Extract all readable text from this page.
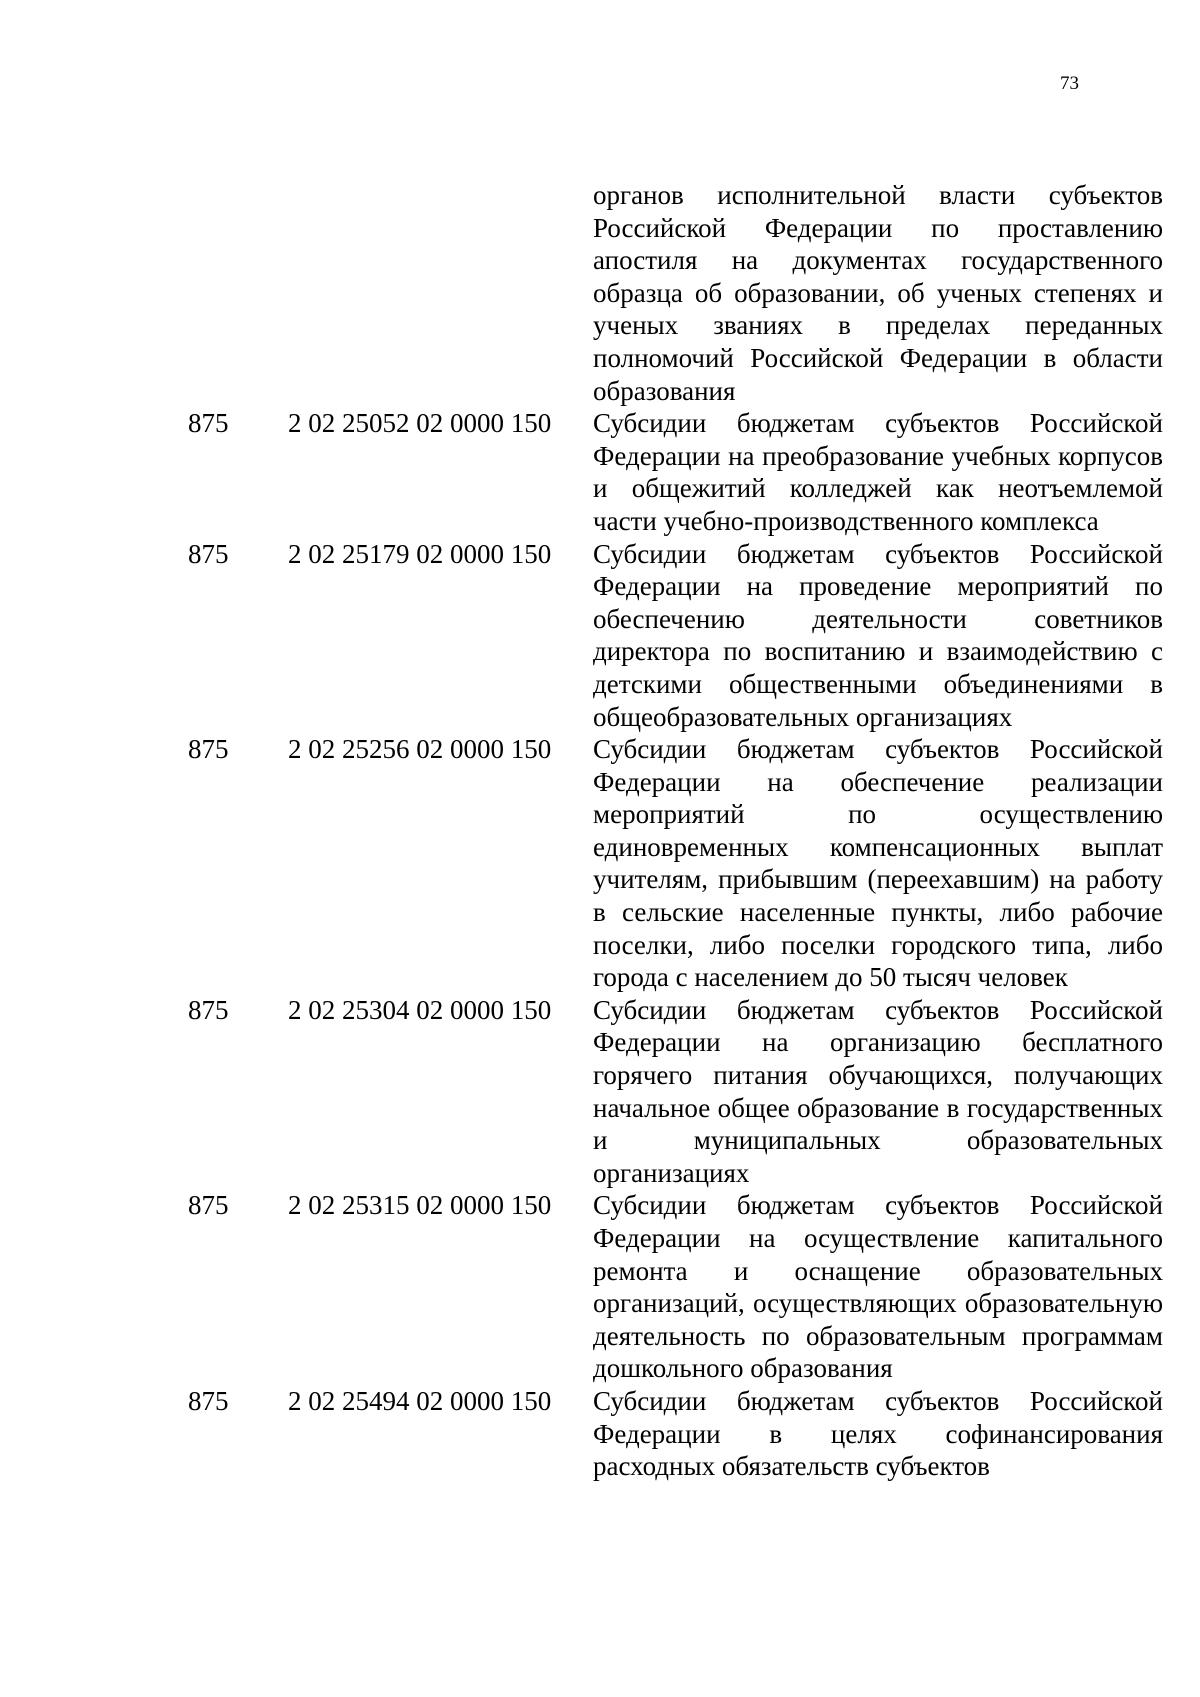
73
органов исполнительной власти субъектов Российской Федерации по проставлению апостиля на документах государственного образца об образовании, об ученых степенях и ученых званиях в пределах переданных полномочий Российской Федерации в области образования
875	2 02 25052 02 0000 150	Субсидии бюджетам субъектов Российской Федерации на преобразование учебных корпусов и общежитий колледжей как неотъемлемой части учебно-производственного комплекса
875	2 02 25179 02 0000 150	Субсидии бюджетам субъектов Российской Федерации на проведение мероприятий по обеспечению деятельности советников директора по воспитанию и взаимодействию с детскими общественными объединениями в общеобразовательных организациях
875	2 02 25256 02 0000 150	Субсидии бюджетам субъектов Российской Федерации на обеспечение реализации мероприятий по осуществлению единовременных компенсационных выплат учителям, прибывшим (переехавшим) на работу в сельские населенные пункты, либо рабочие поселки, либо поселки городского типа, либо города с населением до 50 тысяч человек
875	2 02 25304 02 0000 150	Субсидии бюджетам субъектов Российской Федерации на организацию бесплатного горячего питания обучающихся, получающих начальное общее образование в государственных и муниципальных образовательных организациях
875	2 02 25315 02 0000 150	Субсидии бюджетам субъектов Российской Федерации на осуществление капитального ремонта и оснащение образовательных организаций, осуществляющих образовательную деятельность по образовательным программам дошкольного образования
875	2 02 25494 02 0000 150	Субсидии бюджетам субъектов Российской Федерации в целях софинансирования расходных обязательств субъектов
